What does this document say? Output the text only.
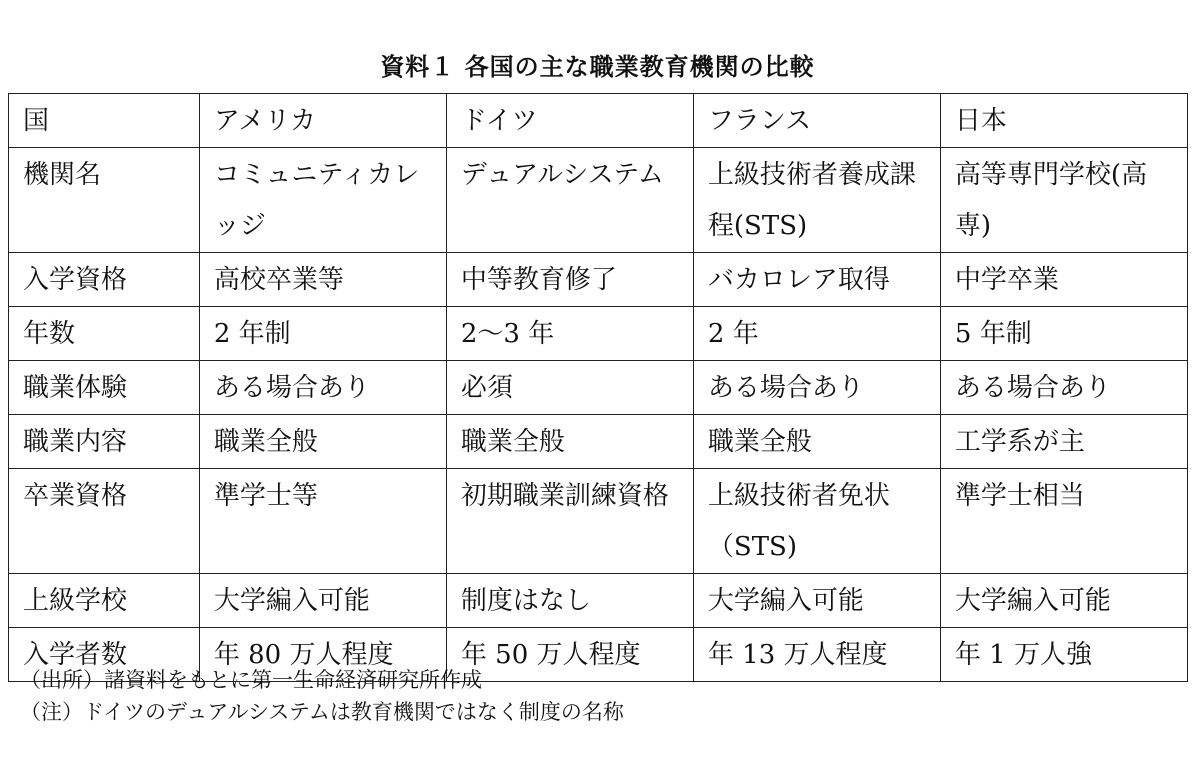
資料１ 各国の主な職業教育機関の比較
国	アメリカ	ドイツ	フランス	日本
機関名	コミュニティカレッジ	デュアルシステム	上級技術者養成課程(STS)	高等専門学校(高専)
入学資格	高校卒業等	中等教育修了	バカロレア取得	中学卒業
年数	2 年制	2～3 年	2 年	5 年制
職業体験	ある場合あり	必須	ある場合あり	ある場合あり
職業内容	職業全般	職業全般	職業全般	工学系が主
卒業資格	準学士等	初期職業訓練資格	上級技術者免状（STS)	準学士相当
上級学校	大学編入可能	制度はなし	大学編入可能	大学編入可能
入学者数	年 80 万人程度	年 50 万人程度	年 13 万人程度	年 1 万人強
（出所）諸資料をもとに第一生命経済研究所作成
（注）ドイツのデュアルシステムは教育機関ではなく制度の名称
